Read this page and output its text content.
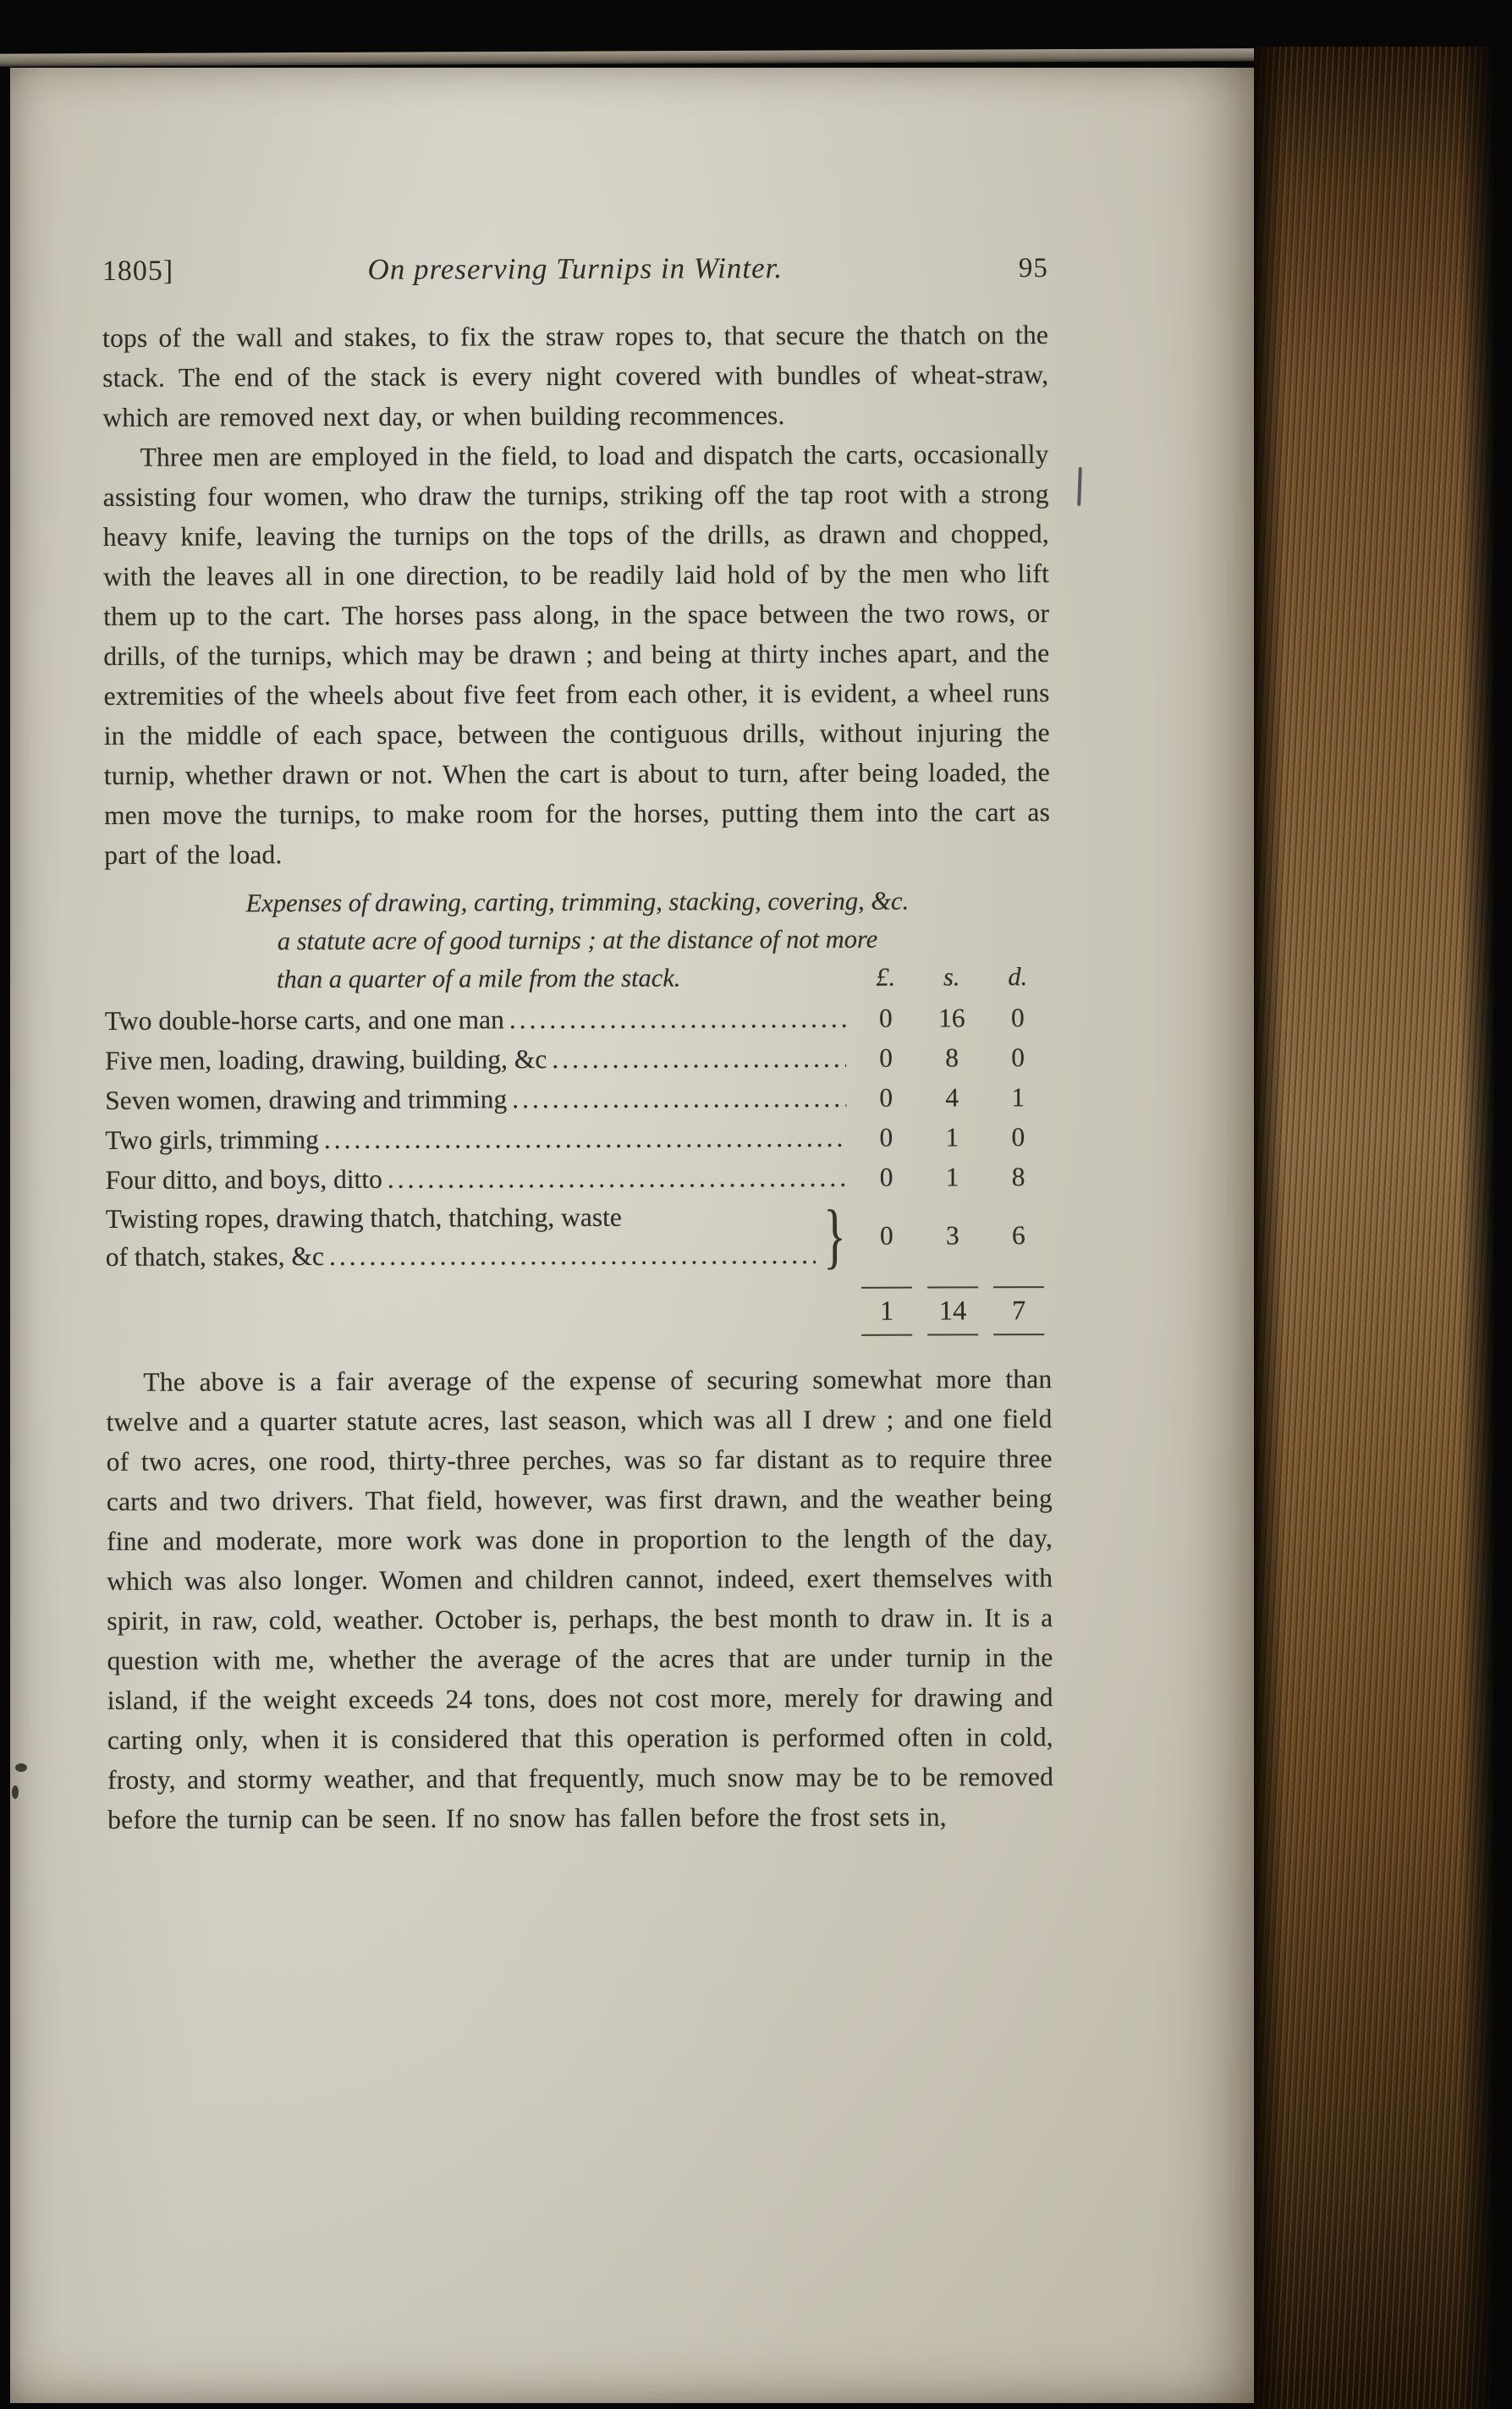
1805]	On preserving Turnips in Winter.	95

tops of the wall and stakes, to fix the straw ropes to, that secure the thatch on the stack. The end of the stack is every night covered with bundles of wheat-straw, which are removed next day, or when building recommences.

Three men are employed in the field, to load and dispatch the carts, occasionally assisting four women, who draw the turnips, striking off the tap root with a strong heavy knife, leaving the turnips on the tops of the drills, as drawn and chopped, with the leaves all in one direction, to be readily laid hold of by the men who lift them up to the cart. The horses pass along, in the space between the two rows, or drills, of the turnips, which may be drawn ; and being at thirty inches apart, and the extremities of the wheels about five feet from each other, it is evident, a wheel runs in the middle of each space, between the contiguous drills, without injuring the turnip, whether drawn or not. When the cart is about to turn, after being loaded, the men move the turnips, to make room for the horses, putting them into the cart as part of the load.

Expenses of drawing, carting, trimming, stacking, covering, &c.
a statute acre of good turnips ; at the distance of not more
than a quarter of a mile from the stack.	£.	s.	d.
Two double-horse carts, and one man .....	0	16	0
Five men, loading, drawing, building, &c .....	0	8	0
Seven women, drawing and trimming .....	0	4	1
Two girls, trimming .....	0	1	0
Four ditto, and boys, ditto .....	0	1	8
Twisting ropes, drawing thatch, thatching, waste
of thatch, stakes, &c .....	}	0	3	6
1	14	7

The above is a fair average of the expense of securing somewhat more than twelve and a quarter statute acres, last season, which was all I drew ; and one field of two acres, one rood, thirty-three perches, was so far distant as to require three carts and two drivers. That field, however, was first drawn, and the weather being fine and moderate, more work was done in proportion to the length of the day, which was also longer. Women and children cannot, indeed, exert themselves with spirit, in raw, cold, weather. October is, perhaps, the best month to draw in. It is a question with me, whether the average of the acres that are under turnip in the island, if the weight exceeds 24 tons, does not cost more, merely for drawing and carting only, when it is considered that this operation is performed often in cold, frosty, and stormy weather, and that frequently, much snow may be to be removed before the turnip can be seen. If no snow has fallen before the frost sets in,
